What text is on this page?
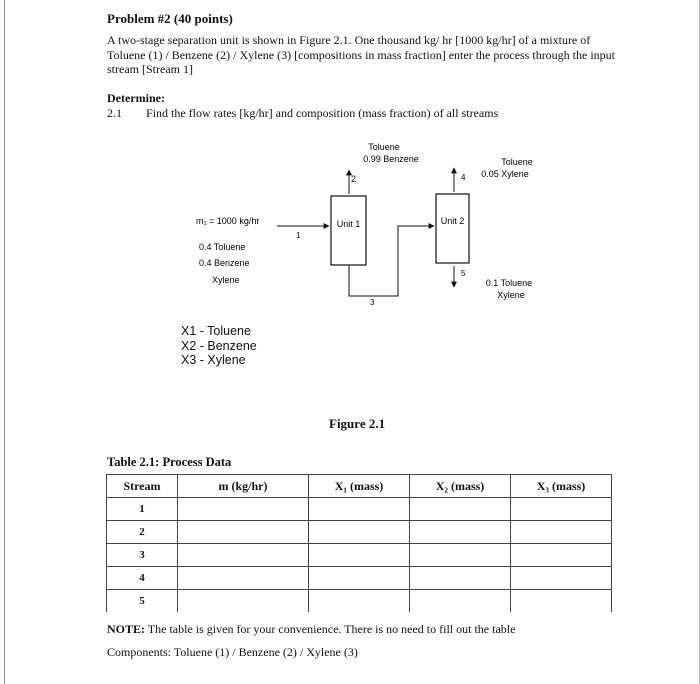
Problem #2 (40 points)
A two-stage separation unit is shown in Figure 2.1. One thousand kg/ hr [1000 kg/hr] of a mixture of Toluene (1) / Benzene (2) / Xylene (3) [compositions in mass fraction] enter the process through the input stream [Stream 1]
Determine:
2.1 Find the flow rates [kg/hr] and composition (mass fraction) of all streams
Unit 1	Unit 2
1
2
Toluene
0.99 Benzene
3
4
Toluene
0.05 Xylene
5
0.1 Toluene
Xylene
m₁ = 1000 kg/hr
0.4 Toluene
0.4 Benzene
Xylene
X1 - Toluene
X2 - Benzene
X3 - Xylene
Figure 2.1
Table 2.1: Process Data
Stream	m (kg/hr)	X₁ (mass)	X₂ (mass)	X₃ (mass)
1				
2				
3				
4				
5				
NOTE: The table is given for your convenience. There is no need to fill out the table
Components: Toluene (1) / Benzene (2) / Xylene (3)
